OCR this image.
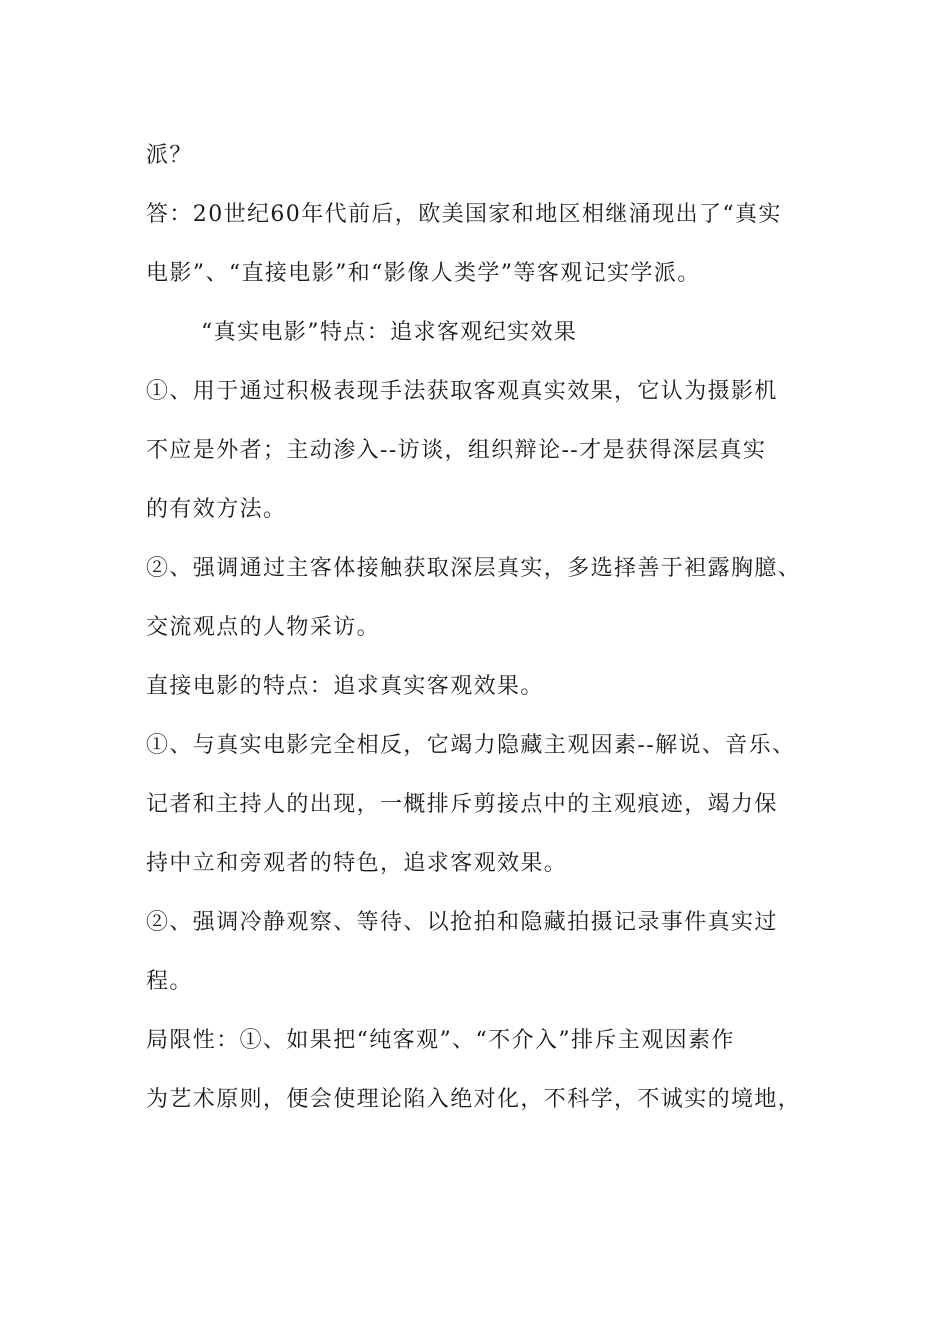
派？
答：20世纪60年代前后，欧美国家和地区相继涌现出了“真实
电影”、“直接电影”和“影像人类学”等客观记实学派。
“真实电影”特点：追求客观纪实效果
①、用于通过积极表现手法获取客观真实效果，它认为摄影机
不应是外者；主动渗入--访谈，组织辩论--才是获得深层真实
的有效方法。
②、强调通过主客体接触获取深层真实，多选择善于袒露胸臆、
交流观点的人物采访。
直接电影的特点：追求真实客观效果。
①、与真实电影完全相反，它竭力隐藏主观因素--解说、音乐、
记者和主持人的出现，一概排斥剪接点中的主观痕迹，竭力保
持中立和旁观者的特色，追求客观效果。
②、强调冷静观察、等待、以抢拍和隐藏拍摄记录事件真实过
程。
局限性：①、如果把“纯客观”、“不介入”排斥主观因素作
为艺术原则，便会使理论陷入绝对化，不科学，不诚实的境地，
